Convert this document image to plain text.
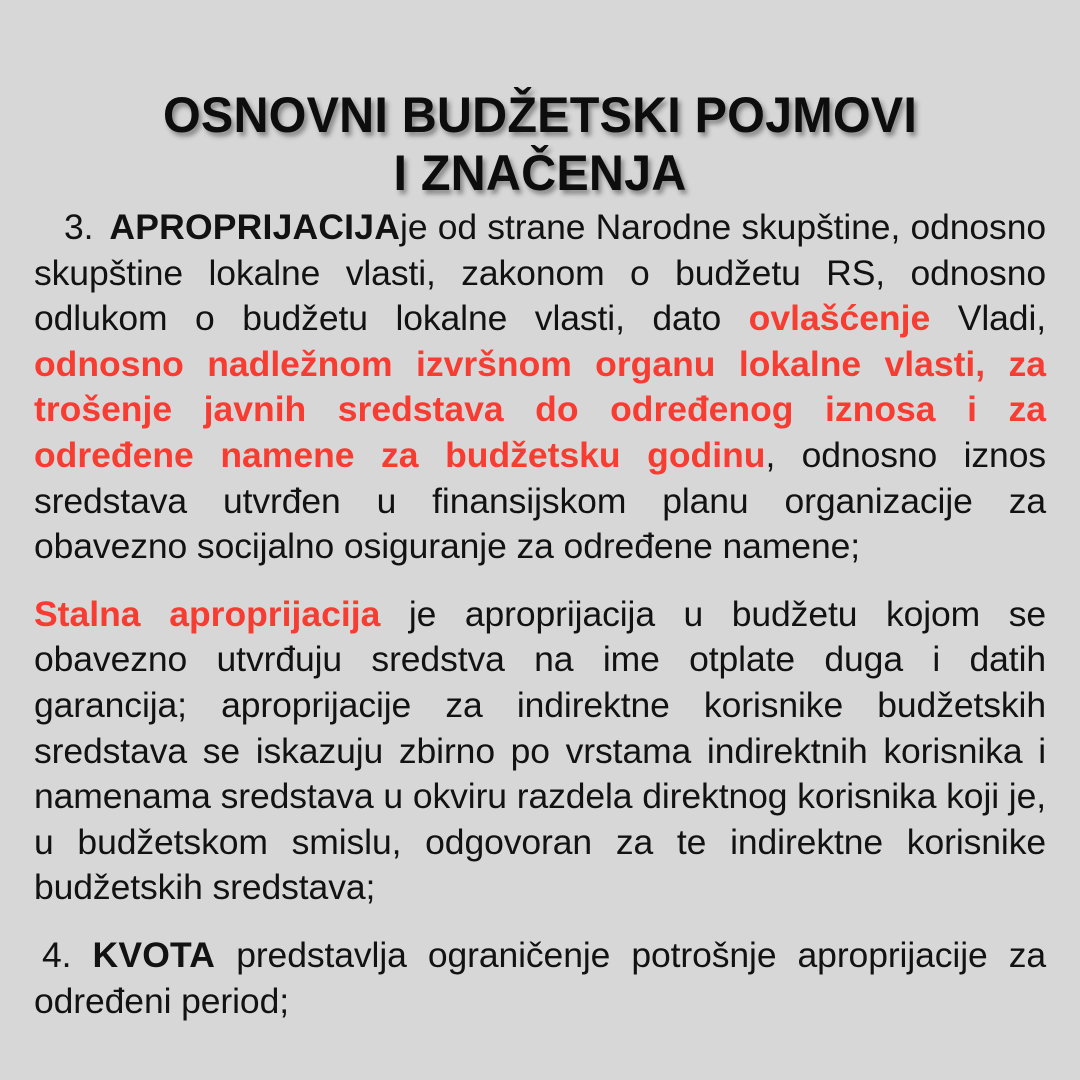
OSNOVNI BUDŽETSKI POJMOVI
I ZNAČENJA

3. APROPRIJACIJAje od strane Narodne skupštine, odnosno skupštine lokalne vlasti, zakonom o budžetu RS, odnosno odlukom o budžetu lokalne vlasti, dato ovlašćenje Vladi, odnosno nadležnom izvršnom organu lokalne vlasti, za trošenje javnih sredstava do određenog iznosa i za određene namene za budžetsku godinu, odnosno iznos sredstava utvrđen u finansijskom planu organizacije za obavezno socijalno osiguranje za određene namene;

Stalna aproprijacija je aproprijacija u budžetu kojom se obavezno utvrđuju sredstva na ime otplate duga i datih garancija; aproprijacije za indirektne korisnike budžetskih sredstava se iskazuju zbirno po vrstama indirektnih korisnika i namenama sredstava u okviru razdela direktnog korisnika koji je, u budžetskom smislu, odgovoran za te indirektne korisnike budžetskih sredstava;

4. KVOTA predstavlja ograničenje potrošnje aproprijacije za određeni period;
